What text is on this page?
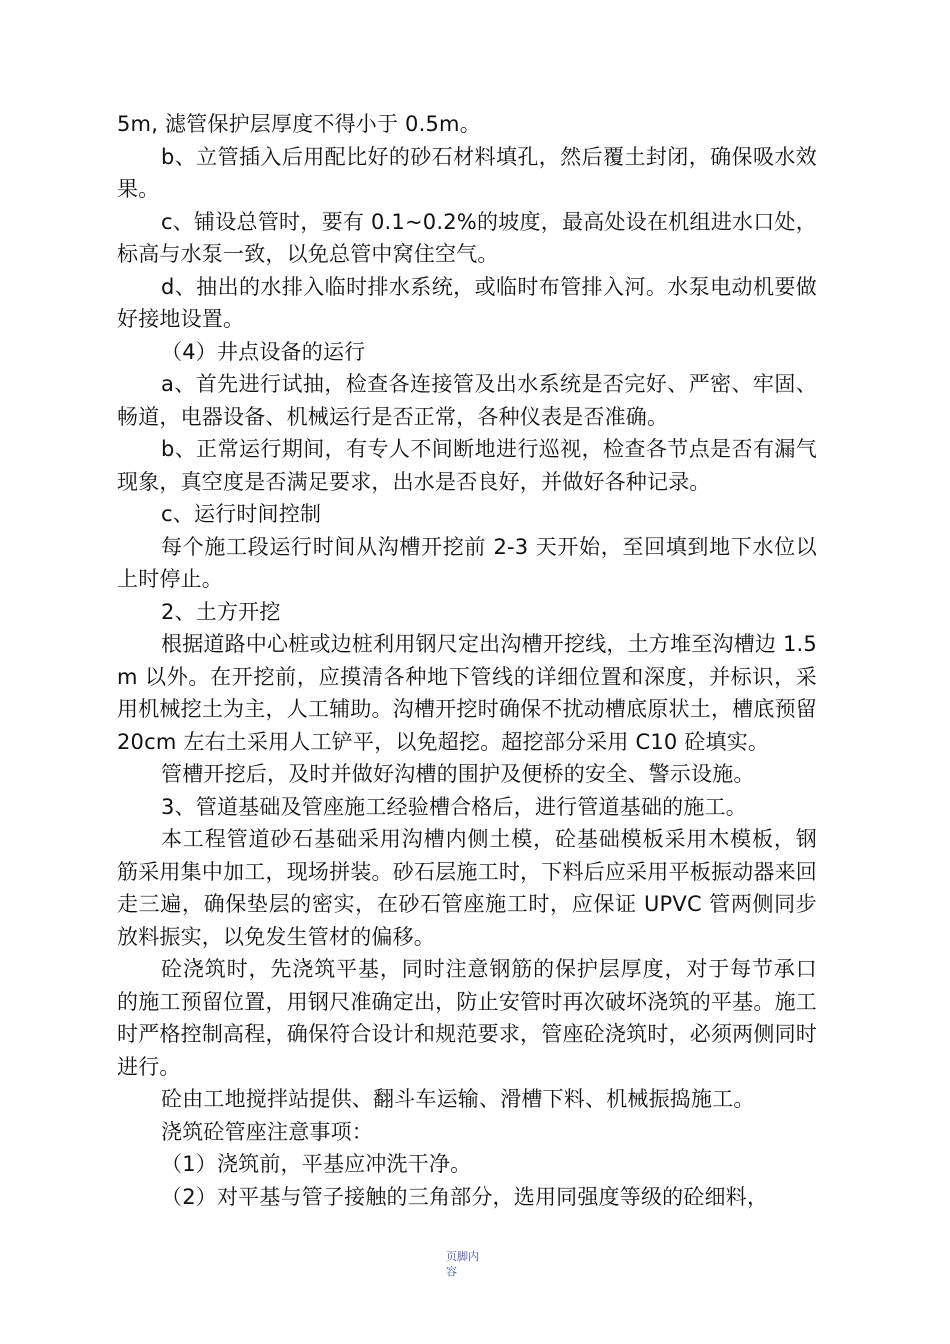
5m, 滤管保护层厚度不得小于 0.5m。

b、立管插入后用配比好的砂石材料填孔，然后覆土封闭，确保吸水效果。

c、铺设总管时，要有 0.1~0.2%的坡度，最高处设在机组进水口处，标高与水泵一致，以免总管中窝住空气。

d、抽出的水排入临时排水系统，或临时布管排入河。水泵电动机要做好接地设置。

（4）井点设备的运行

a、首先进行试抽，检查各连接管及出水系统是否完好、严密、牢固、畅道，电器设备、机械运行是否正常，各种仪表是否准确。

b、正常运行期间，有专人不间断地进行巡视，检查各节点是否有漏气现象，真空度是否满足要求，出水是否良好，并做好各种记录。

c、运行时间控制

每个施工段运行时间从沟槽开挖前 2-3 天开始，至回填到地下水位以上时停止。

2、土方开挖

根据道路中心桩或边桩利用钢尺定出沟槽开挖线，土方堆至沟槽边 1.5m 以外。在开挖前，应摸清各种地下管线的详细位置和深度，并标识，采用机械挖土为主，人工辅助。沟槽开挖时确保不扰动槽底原状土，槽底预留 20cm 左右土采用人工铲平，以免超挖。超挖部分采用 C10 砼填实。

管槽开挖后，及时并做好沟槽的围护及便桥的安全、警示设施。

3、管道基础及管座施工经验槽合格后，进行管道基础的施工。

本工程管道砂石基础采用沟槽内侧土模，砼基础模板采用木模板，钢筋采用集中加工，现场拼装。砂石层施工时，下料后应采用平板振动器来回走三遍，确保垫层的密实，在砂石管座施工时，应保证 UPVC 管两侧同步放料振实，以免发生管材的偏移。

砼浇筑时，先浇筑平基，同时注意钢筋的保护层厚度，对于每节承口的施工预留位置，用钢尺准确定出，防止安管时再次破坏浇筑的平基。施工时严格控制高程，确保符合设计和规范要求，管座砼浇筑时，必须两侧同时进行。

砼由工地搅拌站提供、翻斗车运输、滑槽下料、机械振捣施工。

浇筑砼管座注意事项：

（1）浇筑前，平基应冲洗干净。

（2）对平基与管子接触的三角部分，选用同强度等级的砼细料，

页脚内
容
